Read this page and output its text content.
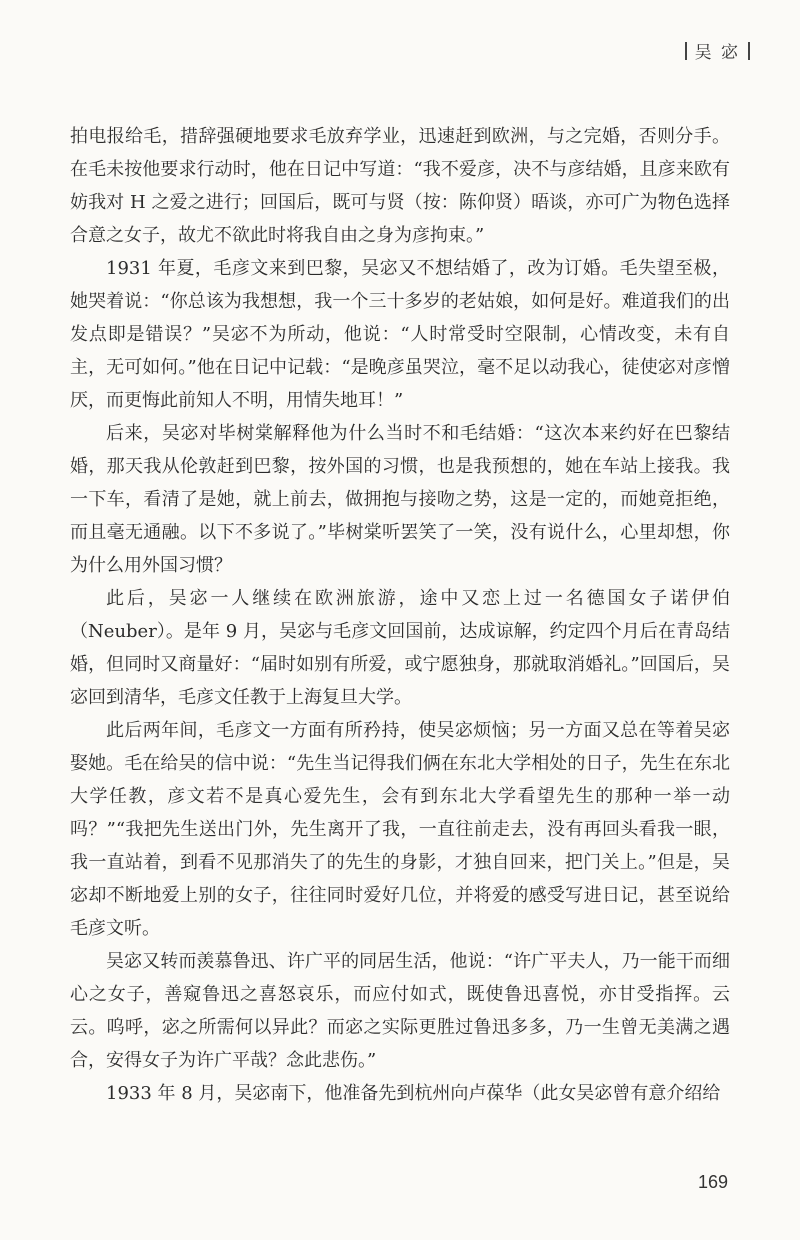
吴 宓

拍电报给毛，措辞强硬地要求毛放弃学业，迅速赶到欧洲，与之完婚，否则分手。在毛未按他要求行动时，他在日记中写道：“我不爱彦，决不与彦结婚，且彦来欧有妨我对 H 之爱之进行；回国后，既可与贤（按：陈仰贤）晤谈，亦可广为物色选择合意之女子，故尤不欲此时将我自由之身为彦拘束。”

1931 年夏，毛彦文来到巴黎，吴宓又不想结婚了，改为订婚。毛失望至极，她哭着说：“你总该为我想想，我一个三十多岁的老姑娘，如何是好。难道我们的出发点即是错误？”吴宓不为所动，他说：“人时常受时空限制，心情改变，未有自主，无可如何。”他在日记中记载：“是晚彦虽哭泣，毫不足以动我心，徒使宓对彦憎厌，而更悔此前知人不明，用情失地耳！”

后来，吴宓对毕树棠解释他为什么当时不和毛结婚：“这次本来约好在巴黎结婚，那天我从伦敦赶到巴黎，按外国的习惯，也是我预想的，她在车站上接我。我一下车，看清了是她，就上前去，做拥抱与接吻之势，这是一定的，而她竟拒绝，而且毫无通融。以下不多说了。”毕树棠听罢笑了一笑，没有说什么，心里却想，你为什么用外国习惯？

此后，吴宓一人继续在欧洲旅游，途中又恋上过一名德国女子诺伊伯（Neuber）。是年 9 月，吴宓与毛彦文回国前，达成谅解，约定四个月后在青岛结婚，但同时又商量好：“届时如别有所爱，或宁愿独身，那就取消婚礼。”回国后，吴宓回到清华，毛彦文任教于上海复旦大学。

此后两年间，毛彦文一方面有所矜持，使吴宓烦恼；另一方面又总在等着吴宓娶她。毛在给吴的信中说：“先生当记得我们俩在东北大学相处的日子，先生在东北大学任教，彦文若不是真心爱先生，会有到东北大学看望先生的那种一举一动吗？”“我把先生送出门外，先生离开了我，一直往前走去，没有再回头看我一眼，我一直站着，到看不见那消失了的先生的身影，才独自回来，把门关上。”但是，吴宓却不断地爱上别的女子，往往同时爱好几位，并将爱的感受写进日记，甚至说给毛彦文听。

吴宓又转而羡慕鲁迅、许广平的同居生活，他说：“许广平夫人，乃一能干而细心之女子，善窥鲁迅之喜怒哀乐，而应付如式，既使鲁迅喜悦，亦甘受指挥。云云。呜呼，宓之所需何以异此？而宓之实际更胜过鲁迅多多，乃一生曾无美满之遇合，安得女子为许广平哉？念此悲伤。”

1933 年 8 月，吴宓南下，他准备先到杭州向卢葆华（此女吴宓曾有意介绍给

169
